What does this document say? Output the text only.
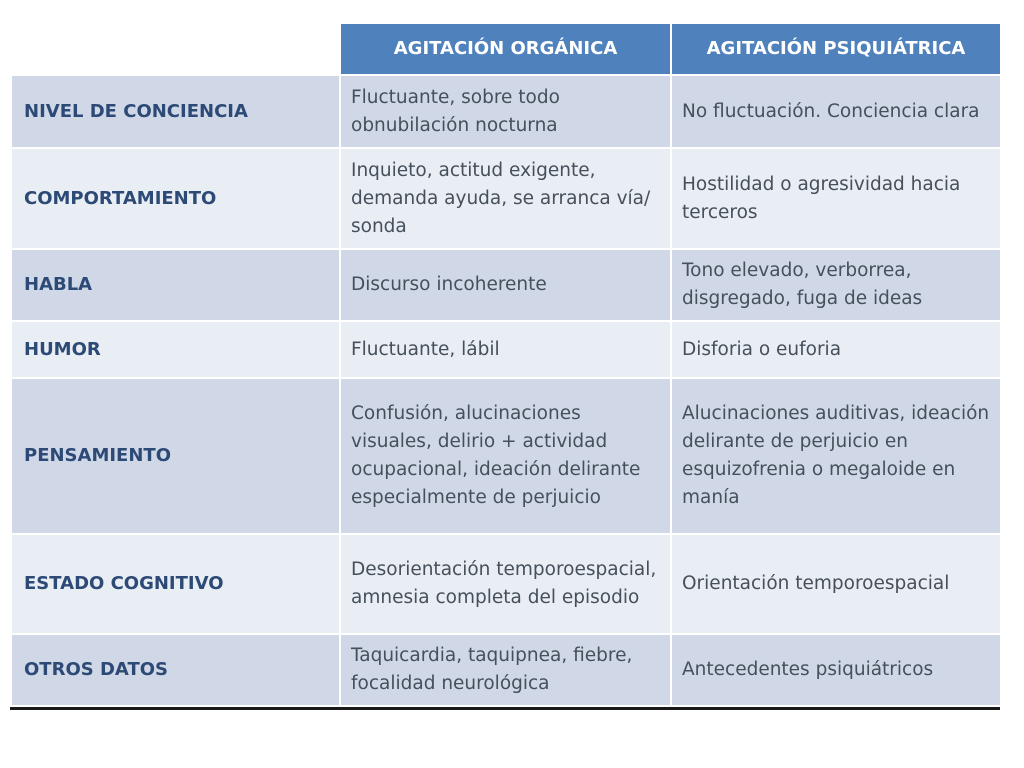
	AGITACIÓN ORGÁNICA	AGITACIÓN PSIQUIÁTRICA
NIVEL DE CONCIENCIA	Fluctuante, sobre todo obnubilación nocturna	No fluctuación. Conciencia clara
COMPORTAMIENTO	Inquieto, actitud exigente, demanda ayuda, se arranca vía/ sonda	Hostilidad o agresividad hacia terceros
HABLA	Discurso incoherente	Tono elevado, verborrea, disgregado, fuga de ideas
HUMOR	Fluctuante, lábil	Disforia o euforia
PENSAMIENTO	Confusión, alucinaciones visuales, delirio + actividad ocupacional, ideación delirante especialmente de perjuicio	Alucinaciones auditivas, ideación delirante de perjuicio en esquizofrenia o megaloide en manía
ESTADO COGNITIVO	Desorientación temporoespacial, amnesia completa del episodio	Orientación temporoespacial
OTROS DATOS	Taquicardia, taquipnea, fiebre, focalidad neurológica	Antecedentes psiquiátricos
